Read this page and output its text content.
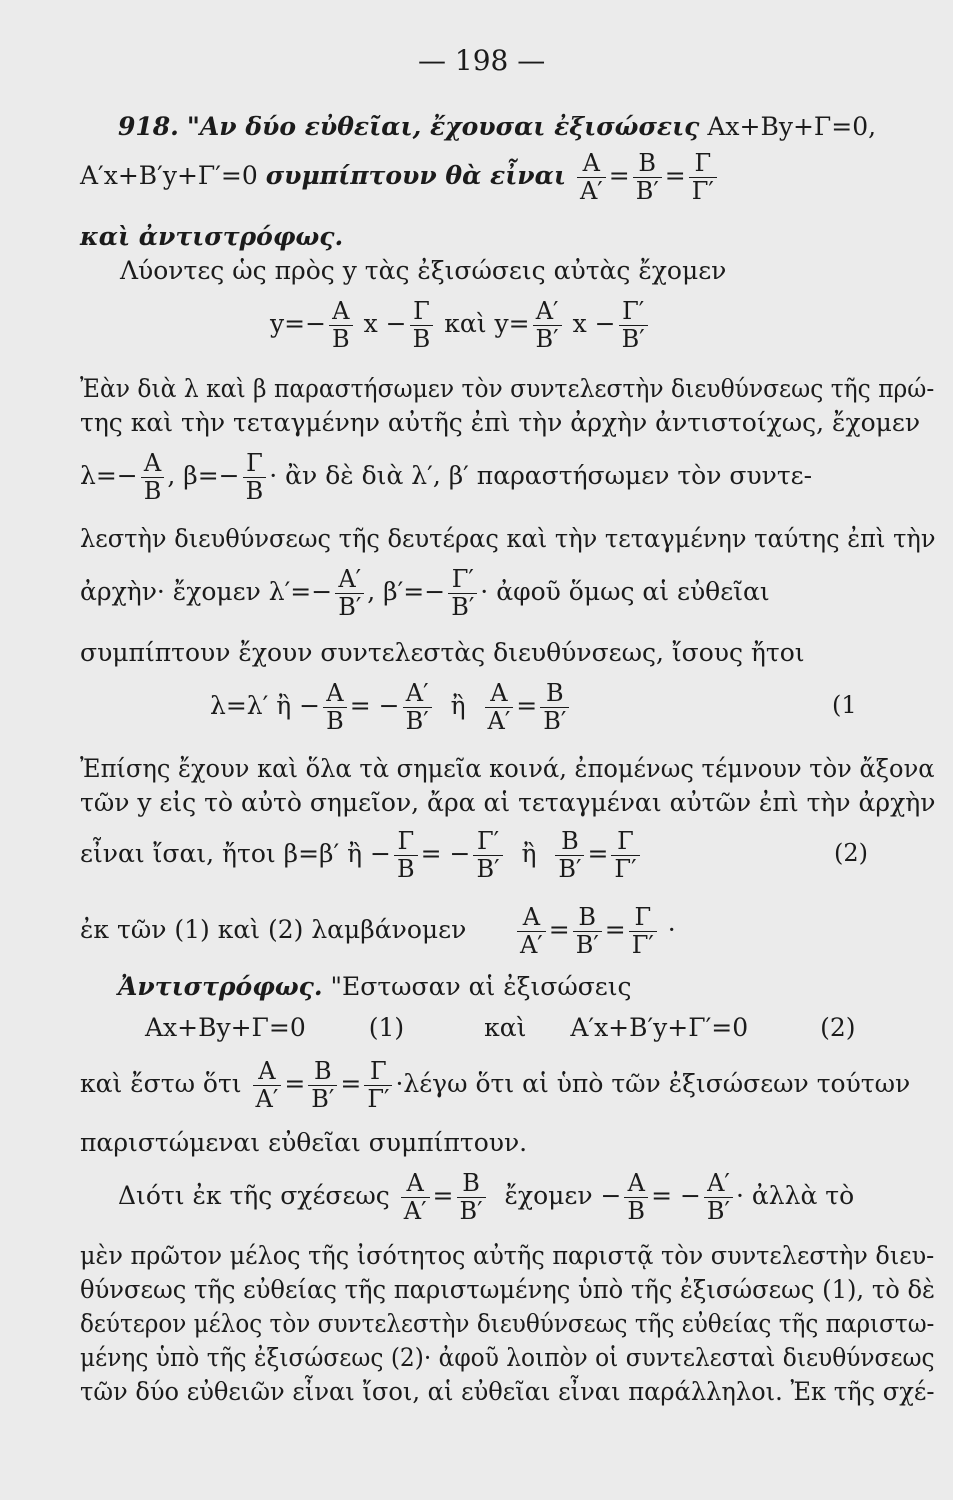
— 198 —
918. "Αν δύο εὐθεῖαι, ἔχουσαι ἐξισώσεις Αx+Βy+Γ=0,
Α′x+Β′y+Γ′=0 συμπίπτουν θὰ εἶναι $\frac{A}{A'} = \frac{B}{B'} = \frac{\Gamma}{\Gamma'}$
καὶ ἀντιστρόφως.
Λύοντες ὡς πρὸς y τὰς ἐξισώσεις αὐτὰς ἔχομεν
$y=- \frac{A}{B}$ $x - \frac{\Gamma}{B}$ καὶ $y= \frac{A'}{B'}$ $x - \frac{\Gamma'}{B'}$
Ἐὰν διὰ λ καὶ β παραστήσωμεν τὸν συντελεστὴν διευθύνσεως τῆς πρώ-
της καὶ τὴν τεταγμένην αὐτῆς ἐπὶ τὴν ἀρχὴν ἀντιστοίχως, ἔχομεν
$\lambda=- \frac{A}{B}$ , $\beta=- \frac{\Gamma}{B}$ · ἂν δὲ διὰ λ′, β′ παραστήσωμεν τὸν συντε-
λεστὴν διευθύνσεως τῆς δευτέρας καὶ τὴν τεταγμένην ταύτης ἐπὶ τὴν
ἀρχὴν· ἔχομεν $\lambda'=- \frac{A'}{B'}$ , $\beta'=- \frac{\Gamma'}{B'}$ · ἀφοῦ ὅμως αἱ εὐθεῖαι
συμπίπτουν ἔχουν συντελεστὰς διευθύνσεως, ἴσους ἤτοι
λ=λ′ ἢ − $\frac{A}{B}$ = − $\frac{A'}{B'}$ ἢ $\frac{A}{A'} = \frac{B}{B'}$	(1
Ἐπίσης ἔχουν καὶ ὅλα τὰ σημεῖα κοινά, ἐπομένως τέμνουν τὸν ἄξονα
τῶν y εἰς τὸ αὐτὸ σημεῖον, ἄρα αἱ τεταγμέναι αὐτῶν ἐπὶ τὴν ἀρχὴν
εἶναι ἴσαι, ἤτοι β=β′ ἢ − $\frac{\Gamma}{B}$ = − $\frac{\Gamma'}{B'}$ ἢ $\frac{B}{B'} = \frac{\Gamma}{\Gamma'}$	(2)
ἐκ τῶν (1) καὶ (2) λαμβάνομεν $\frac{A}{A'} = \frac{B}{B'} = \frac{\Gamma}{\Gamma'}$ ·
Ἀντιστρόφως. "Εστωσαν αἱ ἐξισώσεις
Αx+Βy+Γ=0	(1)	καὶ Α′x+Β′y+Γ′=0	(2)
καὶ ἔστω ὅτι $\frac{A}{A'} = \frac{B}{B'} = \frac{\Gamma}{\Gamma'} \cdot\lambda έ\gamma\omega$ ὅτι αἱ ὑπὸ τῶν ἐξισώσεων τούτων
παριστώμεναι εὐθεῖαι συμπίπτουν.
Διότι ἐκ τῆς σχέσεως $\frac{A}{A'} = \frac{B}{B'}$ ἔχομεν − $\frac{A}{B}$ = − $\frac{A'}{B'}$ · ἀλλὰ τὸ
μὲν πρῶτον μέλος τῆς ἰσότητος αὐτῆς παριστᾷ τὸν συντελεστὴν διευ-
θύνσεως τῆς εὐθείας τῆς παριστωμένης ὑπὸ τῆς ἐξισώσεως (1), τὸ δὲ
δεύτερον μέλος τὸν συντελεστὴν διευθύνσεως τῆς εὐθείας τῆς παριστω-
μένης ὑπὸ τῆς ἐξισώσεως (2)· ἀφοῦ λοιπὸν οἱ συντελεσταὶ διευθύνσεως
τῶν δύο εὐθειῶν εἶναι ἴσοι, αἱ εὐθεῖαι εἶναι παράλληλοι. Ἐκ τῆς σχέ-
